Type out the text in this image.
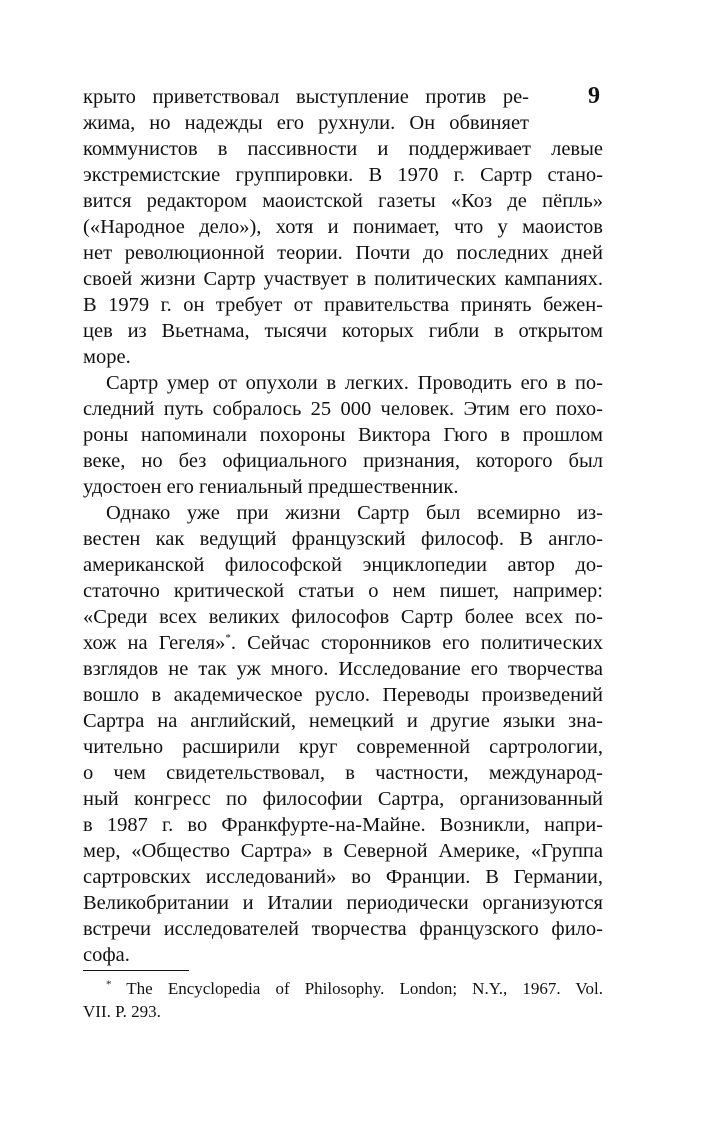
9
крыто приветствовал выступление против ре-
жима, но надежды его рухнули. Он обвиняет
коммунистов в пассивности и поддерживает левые
экстремистские группировки. В 1970 г. Сартр стано-
вится редактором маоистской газеты «Коз де пёпль»
(«Народное дело»), хотя и понимает, что у маоистов
нет революционной теории. Почти до последних дней
своей жизни Сартр участвует в политических кампаниях.
В 1979 г. он требует от правительства принять бежен-
цев из Вьетнама, тысячи которых гибли в открытом
море.
Сартр умер от опухоли в легких. Проводить его в по-
следний путь собралось 25 000 человек. Этим его похо-
роны напоминали похороны Виктора Гюго в прошлом
веке, но без официального признания, которого был
удостоен его гениальный предшественник.
Однако уже при жизни Сартр был всемирно из-
вестен как ведущий французский философ. В англо-
американской философской энциклопедии автор до-
статочно критической статьи о нем пишет, например:
«Среди всех великих философов Сартр более всех по-
хож на Гегеля»*. Сейчас сторонников его политических
взглядов не так уж много. Исследование его творчества
вошло в академическое русло. Переводы произведений
Сартра на английский, немецкий и другие языки зна-
чительно расширили круг современной сартрологии,
о чем свидетельствовал, в частности, международ-
ный конгресс по философии Сартра, организованный
в 1987 г. во Франкфурте-на-Майне. Возникли, напри-
мер, «Общество Сартра» в Северной Америке, «Группа
сартровских исследований» во Франции. В Германии,
Великобритании и Италии периодически организуются
встречи исследователей творчества французского фило-
софа.
* The Encyclopedia of Philosophy. London; N.Y., 1967. Vol.
VII. P. 293.
